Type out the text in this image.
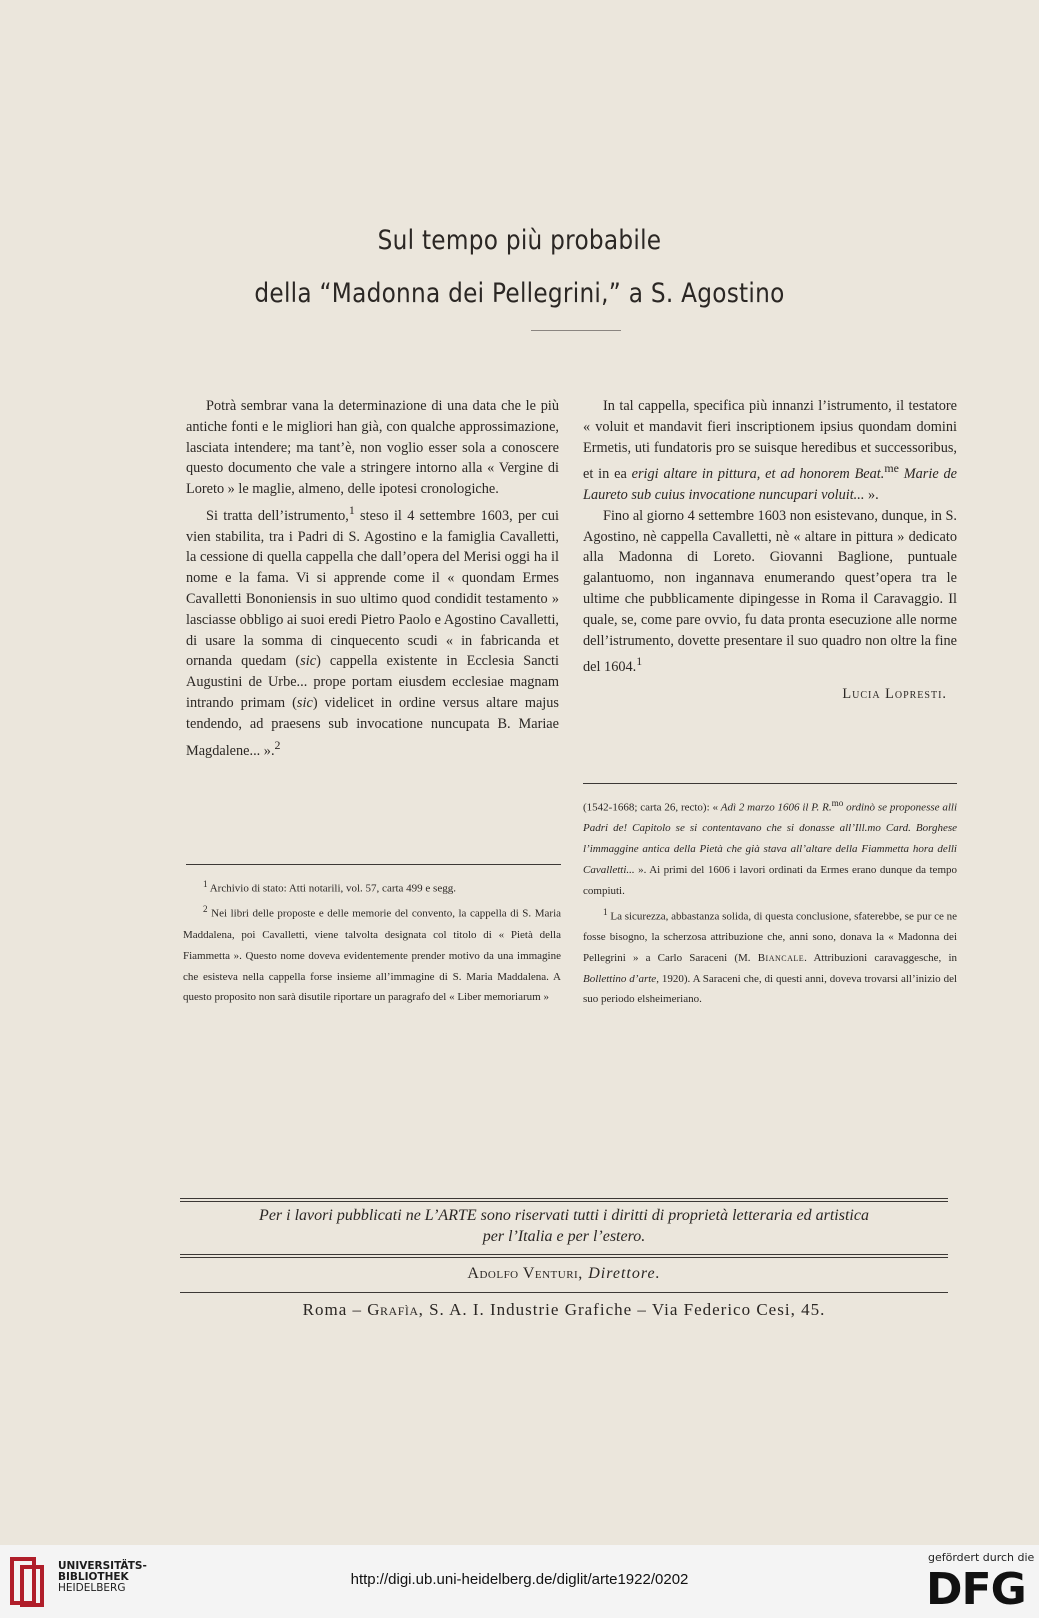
Sul tempo più probabile
della “Madonna dei Pellegrini,” a S. Agostino

Potrà sembrar vana la determinazione di una data che le più antiche fonti e le migliori han già, con qualche approssimazione, lasciata intendere; ma tant’è, non voglio esser sola a conoscere questo documento che vale a stringere intorno alla « Vergine di Loreto » le maglie, almeno, delle ipotesi cronologiche.

Si tratta dell’istrumento,$^1$ steso il 4 settembre 1603, per cui vien stabilita, tra i Padri di S. Agostino e la famiglia Cavalletti, la cessione di quella cappella che dall’opera del Merisi oggi ha il nome e la fama. Vi si apprende come il « quondam Ermes Cavalletti Bononiensis in suo ultimo quod condidit testamento » lasciasse obbligo ai suoi eredi Pietro Paolo e Agostino Cavalletti, di usare la somma di cinquecento scudi « in fabricanda et ornanda quedam (sic) cappella existente in Ecclesia Sancti Augustini de Urbe... prope portam eiusdem ecclesiae magnam intrando primam (sic) videlicet in ordine versus altare majus tendendo, ad praesens sub invocatione nuncupata B. Mariae Magdalene... ».$^2$

In tal cappella, specifica più innanzi l’istrumento, il testatore « voluit et mandavit fieri inscriptionem ipsius quondam domini Ermetis, uti fundatoris pro se suisque heredibus et successoribus, et in ea erigi altare in pittura, et ad honorem Beat.$^{me}$ Marie de Laureto sub cuius invocatione nuncupari voluit... ».

Fino al giorno 4 settembre 1603 non esistevano, dunque, in S. Agostino, nè cappella Cavalletti, nè « altare in pittura » dedicato alla Madonna di Loreto. Giovanni Baglione, puntuale galantuomo, non ingannava enumerando quest’opera tra le ultime che pubblicamente dipingesse in Roma il Caravaggio. Il quale, se, come pare ovvio, fu data pronta esecuzione alle norme dell’istrumento, dovette presentare il suo quadro non oltre la fine del 1604.$^1$

Lucia Lopresti.

$^1$ Archivio di stato: Atti notarili, vol. 57, carta 499 e segg.

$^2$ Nei libri delle proposte e delle memorie del convento, la cappella di S. Maria Maddalena, poi Cavalletti, viene talvolta designata col titolo di « Pietà della Fiammetta ». Questo nome doveva evidentemente prender motivo da una immagine che esisteva nella cappella forse insieme all’immagine di S. Maria Maddalena. A questo proposito non sarà disutile riportare un paragrafo del « Liber memoriarum »

(1542-1668; carta 26, recto): « Adì 2 marzo 1606 il P. R.$^{mo}$ ordinò se proponesse alli Padri de! Capitolo se si contentavano che si donasse all’Ill.mo Card. Borghese l’immaggine antica della Pietà che già stava all’altare della Fiammetta hora delli Cavalletti... ». Ai primi del 1606 i lavori ordinati da Ermes erano dunque da tempo compiuti.

$^1$ La sicurezza, abbastanza solida, di questa conclusione, sfaterebbe, se pur ce ne fosse bisogno, la scherzosa attribuzione che, anni sono, donava la « Madonna dei Pellegrini » a Carlo Saraceni (M. Biancale. Attribuzioni caravaggesche, in Bollettino d’arte, 1920). A Saraceni che, di questi anni, doveva trovarsi all’inizio del suo periodo elsheimeriano.

Per i lavori pubblicati ne L’ARTE sono riservati tutti i diritti di proprietà letteraria ed artistica
per l’Italia e per l’estero.
Adolfo Venturi, Direttore.
Roma – Grafìa, S. A. I. Industrie Grafiche – Via Federico Cesi, 45.
UNIVERSITÄTS-
BIBLIOTHEK
HEIDELBERG	http://digi.ub.uni-heidelberg.de/diglit/arte1922/0202
gefördert durch die
DFG
